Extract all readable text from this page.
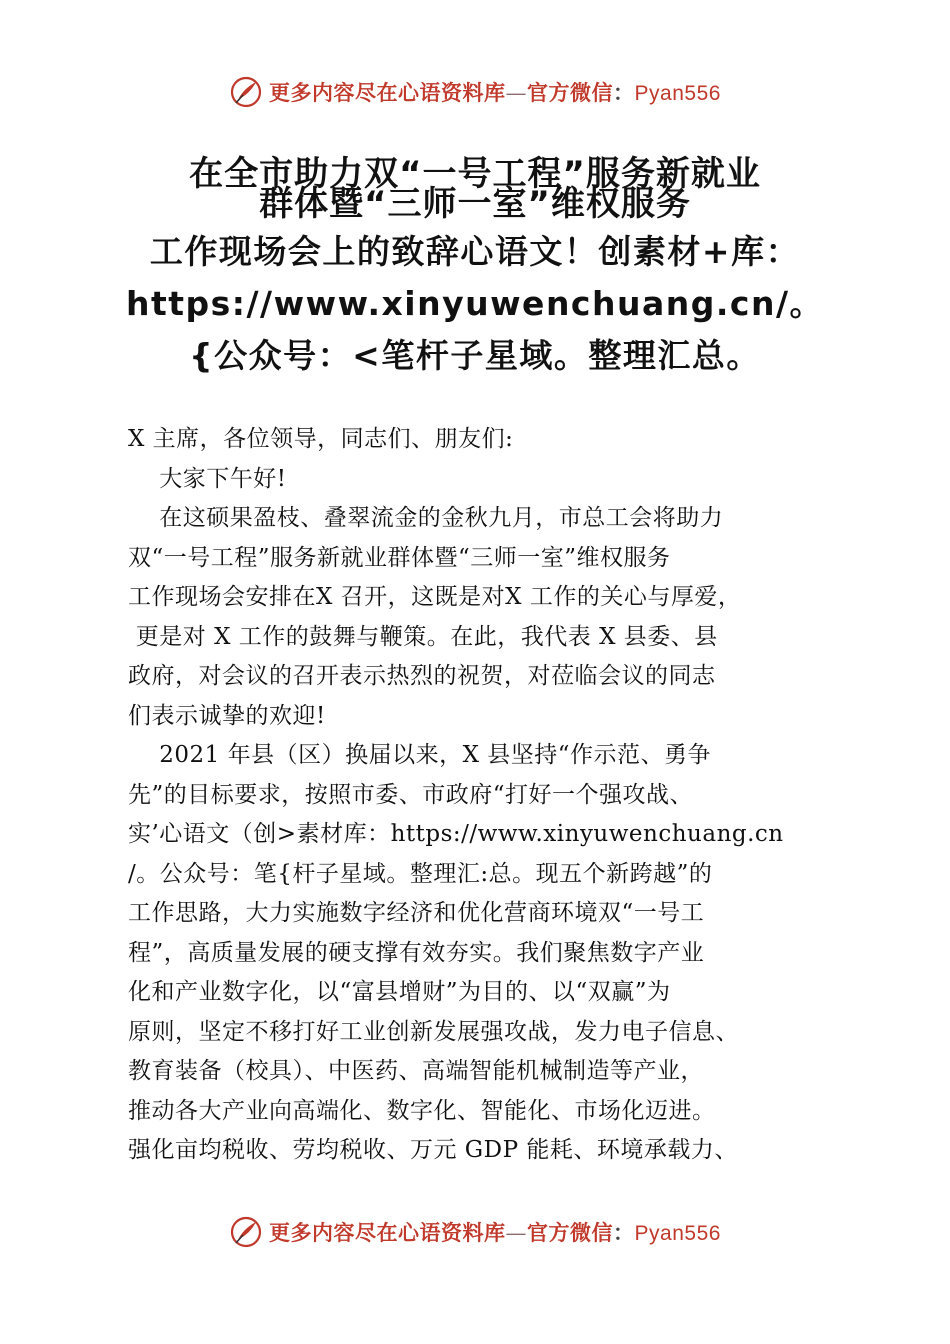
更多内容尽在心语资料库—官方微信：Pyan556
在全市助力双“一号工程”服务新就业
群体暨“三师一室”维权服务
工作现场会上的致辞心语文！创素材+库：
https://www.xinyuwenchuang.cn/。
{公众号：<笔杆子星域。整理汇总。

X 主席，各位领导，同志们、朋友们:

大家下午好!

在这硕果盈枝、叠翠流金的金秋九月，市总工会将助力

双“一号工程”服务新就业群体暨“三师一室”维权服务

工作现场会安排在X 召开，这既是对X 工作的关心与厚爱，

更是对 X 工作的鼓舞与鞭策。在此，我代表 X 县委、县

政府，对会议的召开表示热烈的祝贺，对莅临会议的同志

们表示诚挚的欢迎!

2021 年县（区）换届以来，X 县坚持“作示范、勇争

先”的目标要求，按照市委、市政府“打好一个强攻战、

实’心语文（创>素材库：https://www.xinyuwenchuang.cn

/。公众号：笔{杆子星域。整理汇:总。现五个新跨越”的

工作思路，大力实施数字经济和优化营商环境双“一号工

程”，高质量发展的硬支撑有效夯实。我们聚焦数字产业

化和产业数字化，以“富县增财”为目的、以“双赢”为

原则，坚定不移打好工业创新发展强攻战，发力电子信息、

教育装备（校具）、中医药、高端智能机械制造等产业，

推动各大产业向高端化、数字化、智能化、市场化迈进。

强化亩均税收、劳均税收、万元 GDP 能耗、环境承载力、

更多内容尽在心语资料库—官方微信：Pyan556
